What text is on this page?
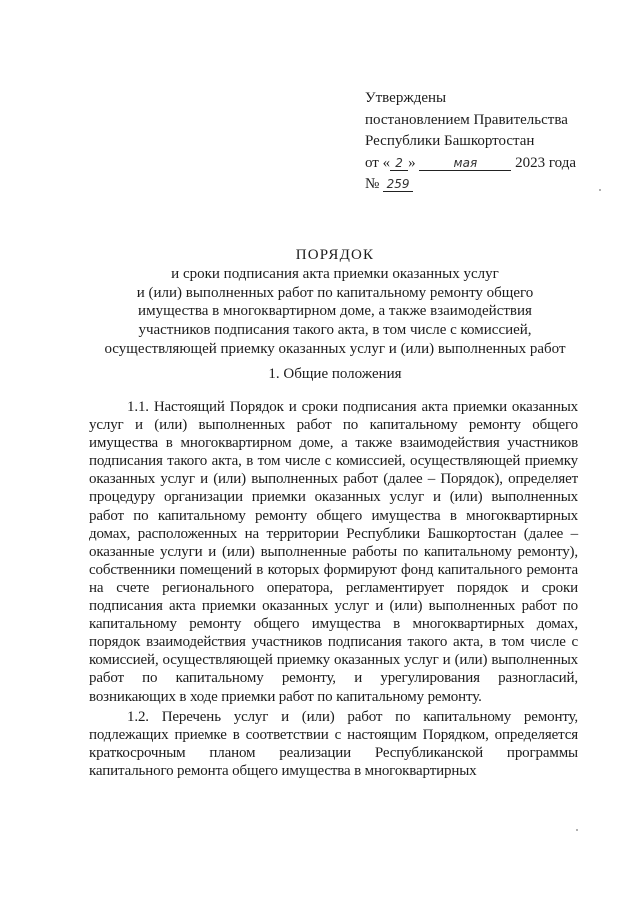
Утверждены
постановлением Правительства
Республики Башкортостан
от « 2 »	мая	2023 года
№ 259
ПОРЯДОК
и сроки подписания акта приемки оказанных услуг
и (или) выполненных работ по капитальному ремонту общего
имущества в многоквартирном доме, а также взаимодействия
участников подписания такого акта, в том числе с комиссией,
осуществляющей приемку оказанных услуг и (или) выполненных работ
1. Общие положения

1.1. Настоящий Порядок и сроки подписания акта приемки оказанных услуг и (или) выполненных работ по капитальному ремонту общего имущества в многоквартирном доме, а также взаимодействия участников подписания такого акта, в том числе с комиссией, осуществляющей приемку оказанных услуг и (или) выполненных работ (далее – Порядок), определяет процедуру организации приемки оказанных услуг и (или) выполненных работ по капитальному ремонту общего имущества в многоквартирных домах, расположенных на территории Республики Башкортостан (далее – оказанные услуги и (или) выполненные работы по капитальному ремонту), собственники помещений в которых формируют фонд капитального ремонта на счете регионального оператора, регламентирует порядок и сроки подписания акта приемки оказанных услуг и (или) выполненных работ по капитальному ремонту общего имущества в многоквартирных домах, порядок взаимодействия участников подписания такого акта, в том числе с комиссией, осуществляющей приемку оказанных услуг и (или) выполненных работ по капитальному ремонту, и урегулирования разногласий, возникающих в ходе приемки работ по капитальному ремонту.

1.2. Перечень услуг и (или) работ по капитальному ремонту, подлежащих приемке в соответствии с настоящим Порядком, определяется краткосрочным планом реализации Республиканской программы капитального ремонта общего имущества в многоквартирных
